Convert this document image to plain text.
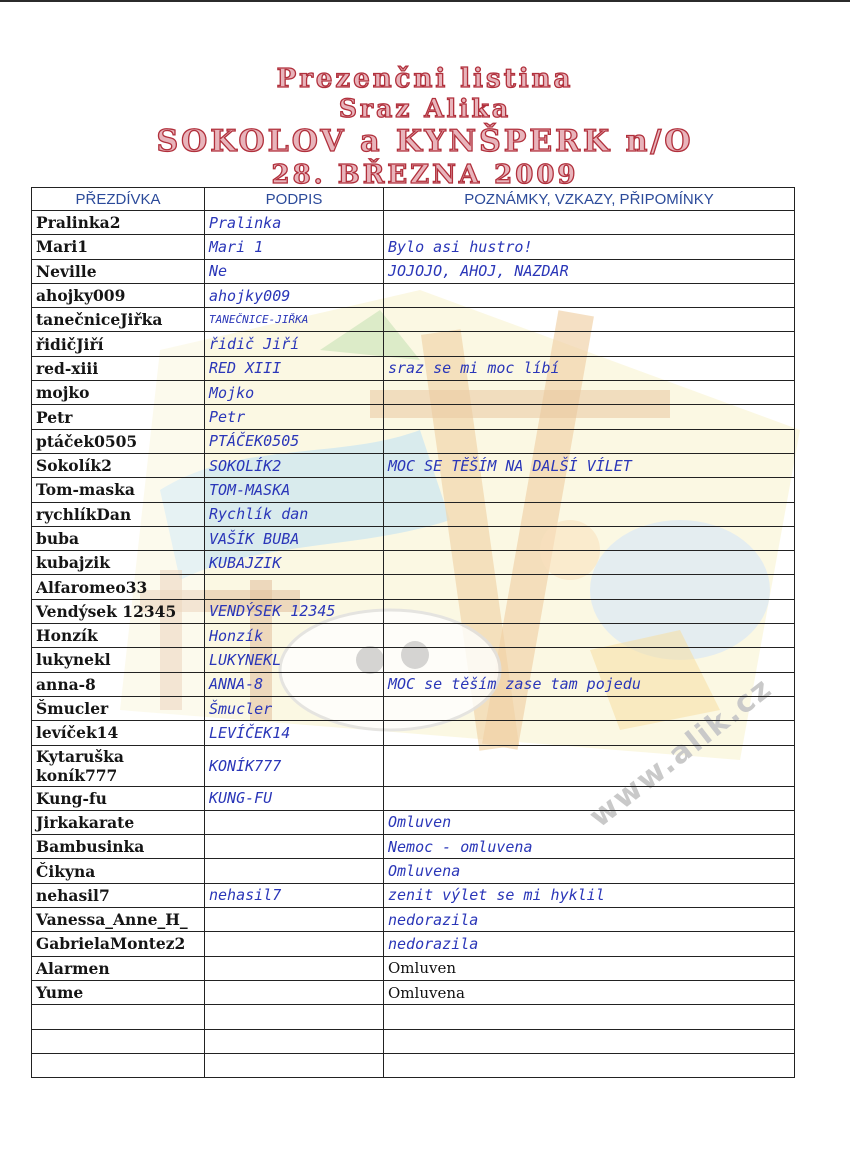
Prezenčni listina
Sraz Alika
SOKOLOV a KYNŠPERK n/O
28. BŘEZNA 2009
www.alik.cz
PŘEZDÍVKA	PODPIS	POZNÁMKY, VZKAZY, PŘIPOMÍNKY
Pralinka2	Pralinka	
Mari1	Mari 1	Bylo asi hustro!
Neville	Ne	JOJOJO, AHOJ, NAZDAR
ahojky009	ahojky009	
tanečniceJiřka	TANEČNICE-JIŘKA	
řidičJiří	řidič Jiří	
red-xiii	RED XIII	sraz se mi moc líbí
mojko	Mojko	
Petr	Petr	
ptáček0505	PTÁČEK0505	
Sokolík2	SOKOLÍK2	MOC SE TĚŠÍM NA DALŠÍ VÍLET
Tom-maska	TOM-MASKA	
rychlíkDan	Rychlík dan	
buba	VAŠÍK BUBA	
kubajzik	KUBAJZIK	
Alfaromeo33		
Vendýsek 12345	VENDÝSEK 12345	
Honzík	Honzík	
lukynekl	LUKYNEKL	
anna-8	ANNA-8	MOC se těším zase tam pojedu
Šmucler	Šmucler	
levíček14	LEVÍČEK14	
Kytaruška koník777	KONÍK777	
Kung-fu	KUNG-FU	
Jirkakarate		Omluven
Bambusinka		Nemoc - omluvena
Čikyna		Omluvena
nehasil7	nehasil7	zenit výlet se mi hyklil
Vanessa_Anne_H_		nedorazila
GabrielaMontez2		nedorazila
Alarmen		Omluven
Yume		Omluvena
